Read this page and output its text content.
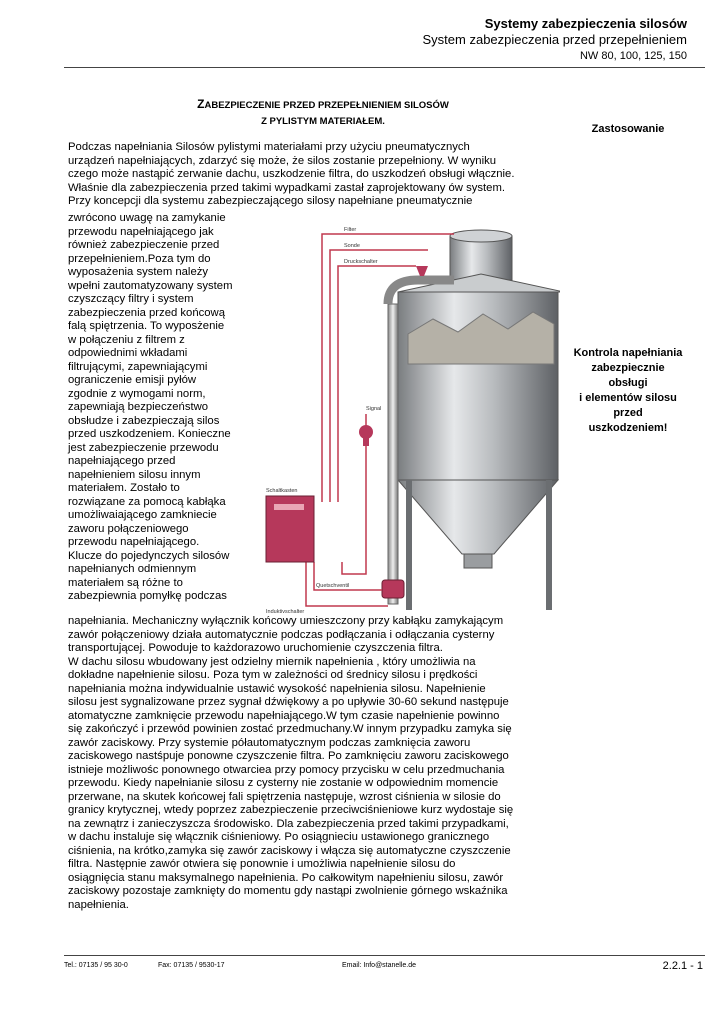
Systemy zabezpieczenia silosów
System zabezpieczenia przed przepełnieniem
NW 80, 100, 125, 150
ZABEZPIECZENIE PRZED PRZEPEŁNIENIEM SILOSÓW
Z PYLISTYM MATERIAŁEM.
Zastosowanie
Kontrola napełniania
zabezpiecznie
obsługi
i elementów silosu
przed
uszkodzeniem!
Podczas napełniania Silosów pylistymi materiałami przy użyciu pneumatycznych
urządzeń napełniających, zdarzyć się może, że silos zostanie przepełniony. W wyniku
czego może nastąpić zerwanie dachu, uszkodzenie filtra, do uszkodzeń obsługi włącznie.
Właśnie dla zabezpieczenia przed takimi wypadkami zastał zaprojektowany ów system.
Przy koncepcji dla systemu zabezpieczającego silosy napełniane pneumatycznie
zwrócono uwagę na zamykanie
przewodu napełniającego jak
również zabezpieczenie przed
przepełnieniem.Poza tym do
wyposażenia system należy
wpełni zautomatyzowany system
czyszczący filtry i system
zabezpieczenia przed końcową
falą spiętrzenia. To wyposżenie
w połączeniu z filtrem z
odpowiednimi wkładami
filtrującymi, zapewniającymi
ograniczenie emisji pyłów
zgodnie z wymogami norm,
zapewniają bezpieczeństwo
obsłudze i zabezpieczają silos
przed uszkodzeniem. Konieczne
jest zabezpieczenie przewodu
napełniającego przed
napełnieniem silosu innym
materiałem. Zostało to
rozwiązane za pomocą kabłąka
umożliwaiającego zamkniecie
zaworu połączeniowego
przewodu napełniającego.
Klucze do pojedynczych silosów
napełnianych odmiennym
materiałem są różne to
zabezpiewnia pomyłkę podczas
Filter
Sonde
Druckschalter
Signal
Schaltkasten
Quetschventil
Induktivschalter
napełniania. Mechaniczny wyłącznik końcowy umieszczony przy kabłąku zamykającym
zawór połączeniowy działa automatycznie podczas podłączania i odłączania cysterny
transportującej. Powoduje to każdorazowo uruchomienie czyszczenia filtra.
W dachu silosu wbudowany jest odzielny miernik napełnienia , który umożliwia na
dokładne napełnienie silosu. Poza tym w zależności od średnicy silosu i prędkości
napełniania można indywidualnie ustawić wysokość napełnienia silosu. Napełnienie
silosu jest sygnalizowane przez sygnał dźwiękowy a po upływie 30-60 sekund następuje
atomatyczne zamknięcie przewodu napełniającego.W tym czasie napełnienie powinno
się zakończyć i przewód powinien zostać przedmuchany.W innym przypadku zamyka się
zawór zaciskowy. Przy systemie półautomatycznym podczas zamknięcia zaworu
zaciskowego nastśpuje ponowne czyszczenie filtra. Po zamknięciu zaworu zaciskowego
istnieje możliwośc ponownego otwarciea przy pomocy przycisku w celu przedmuchania
przewodu. Kiedy napełnianie silosu z cysterny nie zostanie w odpowiednim momencie
przerwane, na skutek końcowej fali spiętrzenia następuje, wzrost ciśnienia w silosie do
granicy krytycznej, wtedy poprzez zabezpieczenie przeciwciśnieniowe kurz wydostaje się
na zewnątrz i zanieczyszcza środowisko. Dla zabezpieczenia przed takimi przypadkami,
w dachu instaluje się włącznik ciśnieniowy. Po osiągnieciu ustawionego granicznego
ciśnienia, na krótko,zamyka się zawór zaciskowy i włącza się automatyczne czyszczenie
filtra. Następnie zawór otwiera się ponownie i umożliwia napełnienie silosu do
osiągnięcia stanu maksymalnego napełnienia. Po całkowitym napełnieniu silosu, zawór
zaciskowy pozostaje zamknięty do momentu gdy nastąpi zwolnienie górnego wskaźnika
napełnienia.
Tel.: 07135 / 95 30-0	Fax: 07135 / 9530-17	Email: Info@stanelle.de	2.2.1 - 1
